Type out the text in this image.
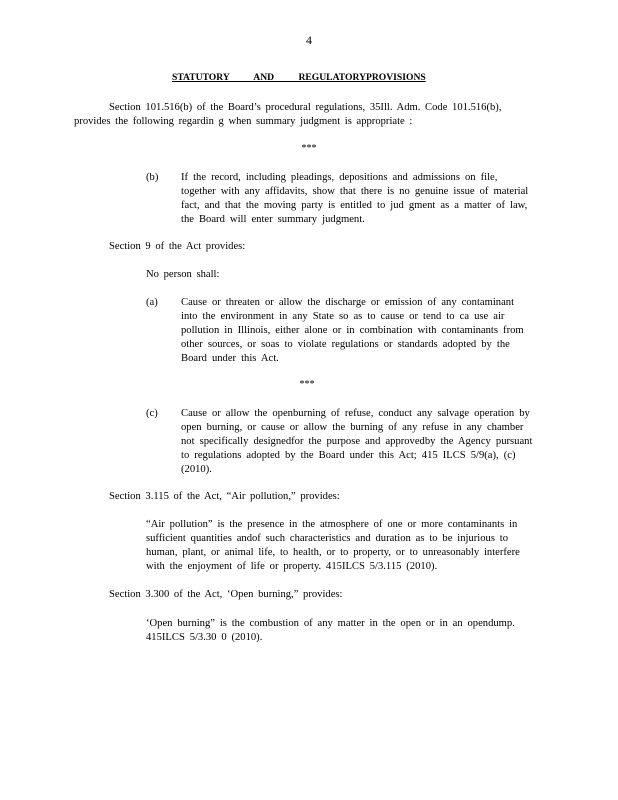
4
STATUTORY AND REGULATORYPROVISIONS
Section 101.516(b) of the Board’s procedural regulations, 35Ill. Adm. Code 101.516(b), provides the following regardin g when summary judgment is appropriate :
***
(b) If the record, including pleadings, depositions and admissions on file, together with any affidavits, show that there is no genuine issue of material fact, and that the moving party is entitled to jud gment as a matter of law, the Board will enter summary judgment.
Section 9 of the Act provides:
No person shall:
(a) Cause or threaten or allow the discharge or emission of any contaminant into the environment in any State so as to cause or tend to ca use air pollution in Illinois, either alone or in combination with contaminants from other sources, or soas to violate regulations or standards adopted by the Board under this Act.
***
(c) Cause or allow the openburning of refuse, conduct any salvage operation by open burning, or cause or allow the burning of any refuse in any chamber not specifically designedfor the purpose and approvedby the Agency pursuant to regulations adopted by the Board under this Act; 415 ILCS 5/9(a), (c) (2010).
Section 3.115 of the Act, “Air pollution,” provides:
“Air pollution” is the presence in the atmosphere of one or more contaminants in sufficient quantities andof such characteristics and duration as to be injurious to human, plant, or animal life, to health, or to property, or to unreasonably interfere with the enjoyment of life or property. 415ILCS 5/3.115 (2010).
Section 3.300 of the Act, ‘Open burning,” provides:
‘Open burning” is the combustion of any matter in the open or in an opendump. 415ILCS 5/3.30 0 (2010).
